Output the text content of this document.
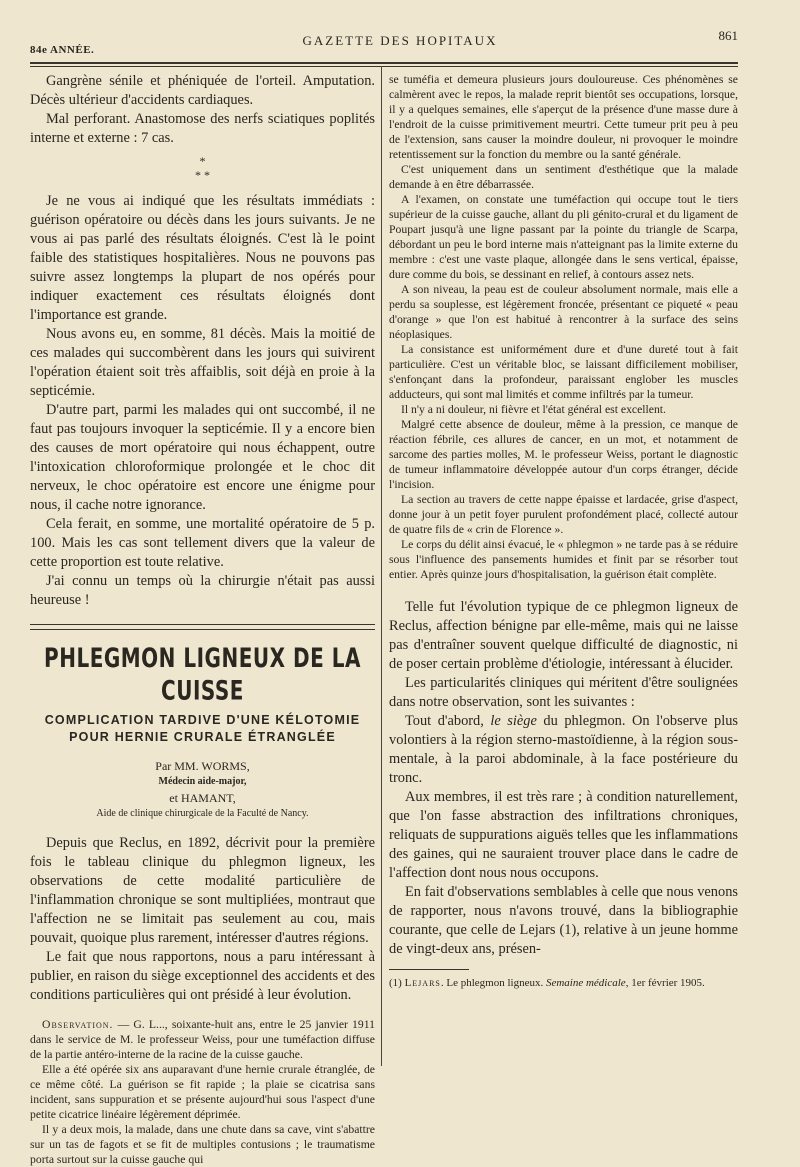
84e ANNÉE.
GAZETTE DES HOPITAUX	861

Gangrène sénile et phéniquée de l'orteil. Amputation. Décès ultérieur d'accidents cardiaques.

Mal perforant. Anastomose des nerfs sciatiques poplités interne et externe : 7 cas.

*
* *

Je ne vous ai indiqué que les résultats immédiats : guérison opératoire ou décès dans les jours suivants. Je ne vous ai pas parlé des résultats éloignés. C'est là le point faible des statistiques hospitalières. Nous ne pouvons pas suivre assez longtemps la plupart de nos opérés pour indiquer exactement ces résultats éloignés dont l'importance est grande.

Nous avons eu, en somme, 81 décès. Mais la moitié de ces malades qui succombèrent dans les jours qui suivirent l'opération étaient soit très affaiblis, soit déjà en proie à la septicémie.

D'autre part, parmi les malades qui ont succombé, il ne faut pas toujours invoquer la septicémie. Il y a encore bien des causes de mort opératoire qui nous échappent, outre l'intoxication chloroformique prolongée et le choc dit nerveux, le choc opératoire est encore une énigme pour nous, il cache notre ignorance.

Cela ferait, en somme, une mortalité opératoire de 5 p. 100. Mais les cas sont tellement divers que la valeur de cette proportion est toute relative.

J'ai connu un temps où la chirurgie n'était pas aussi heureuse !

PHLEGMON LIGNEUX DE LA CUISSE
COMPLICATION TARDIVE D'UNE KÉLOTOMIE
POUR HERNIE CRURALE ÉTRANGLÉE
Par MM. WORMS,
Médecin aide-major,
et HAMANT,
Aide de clinique chirurgicale de la Faculté de Nancy.

Depuis que Reclus, en 1892, décrivit pour la première fois le tableau clinique du phlegmon ligneux, les observations de cette modalité particulière de l'inflammation chronique se sont multipliées, montraut que l'affection ne se limitait pas seulement au cou, mais pouvait, quoique plus rarement, intéresser d'autres régions.

Le fait que nous rapportons, nous a paru intéressant à publier, en raison du siège exceptionnel des accidents et des conditions particulières qui ont présidé à leur évolution.

Observation. — G. L..., soixante-huit ans, entre le 25 janvier 1911 dans le service de M. le professeur Weiss, pour une tuméfaction diffuse de la partie antéro-interne de la racine de la cuisse gauche.

Elle a été opérée six ans auparavant d'une hernie crurale étranglée, de ce même côté. La guérison se fit rapide ; la plaie se cicatrisa sans incident, sans suppuration et se présente aujourd'hui sous l'aspect d'une petite cicatrice linéaire légèrement déprimée.

Il y a deux mois, la malade, dans une chute dans sa cave, vint s'abattre sur un tas de fagots et se fit de multiples contusions ; le traumatisme porta surtout sur la cuisse gauche qui

se tuméfia et demeura plusieurs jours douloureuse. Ces phénomènes se calmèrent avec le repos, la malade reprit bientôt ses occupations, lorsque, il y a quelques semaines, elle s'aperçut de la présence d'une masse dure à l'endroit de la cuisse primitivement meurtri. Cette tumeur prit peu à peu de l'extension, sans causer la moindre douleur, ni provoquer le moindre retentissement sur la fonction du membre ou la santé générale.

C'est uniquement dans un sentiment d'esthétique que la malade demande à en être débarrassée.

A l'examen, on constate une tuméfaction qui occupe tout le tiers supérieur de la cuisse gauche, allant du pli génito-crural et du ligament de Poupart jusqu'à une ligne passant par la pointe du triangle de Scarpa, débordant un peu le bord interne mais n'atteignant pas la limite externe du membre : c'est une vaste plaque, allongée dans le sens vertical, épaisse, dure comme du bois, se dessinant en relief, à contours assez nets.

A son niveau, la peau est de couleur absolument normale, mais elle a perdu sa souplesse, est légèrement froncée, présentant ce piqueté « peau d'orange » que l'on est habitué à rencontrer à la surface des seins néoplasiques.

La consistance est uniformément dure et d'une dureté tout à fait particulière. C'est un véritable bloc, se laissant difficilement mobiliser, s'enfonçant dans la profondeur, paraissant englober les muscles adducteurs, qui sont mal limités et comme infiltrés par la tumeur.

Il n'y a ni douleur, ni fièvre et l'état général est excellent.

Malgré cette absence de douleur, même à la pression, ce manque de réaction fébrile, ces allures de cancer, en un mot, et notamment de sarcome des parties molles, M. le professeur Weiss, portant le diagnostic de tumeur inflammatoire développée autour d'un corps étranger, décide l'incision.

La section au travers de cette nappe épaisse et lardacée, grise d'aspect, donne jour à un petit foyer purulent profondément placé, collecté autour de quatre fils de « crin de Florence ».

Le corps du délit ainsi évacué, le « phlegmon » ne tarde pas à se réduire sous l'influence des pansements humides et finit par se résorber tout entier. Après quinze jours d'hospitalisation, la guérison était complète.

Telle fut l'évolution typique de ce phlegmon ligneux de Reclus, affection bénigne par elle-même, mais qui ne laisse pas d'entraîner souvent quelque difficulté de diagnostic, ni de poser certain problème d'étiologie, intéressant à élucider.

Les particularités cliniques qui méritent d'être soulignées dans notre observation, sont les suivantes :

Tout d'abord, le siège du phlegmon. On l'observe plus volontiers à la région sterno-mastoïdienne, à la région sous-mentale, à la paroi abdominale, à la face postérieure du tronc.

Aux membres, il est très rare ; à condition naturellement, que l'on fasse abstraction des infiltrations chroniques, reliquats de suppurations aiguës telles que les inflammations des gaines, qui ne sauraient trouver place dans le cadre de l'affection dont nous nous occupons.

En fait d'observations semblables à celle que nous venons de rapporter, nous n'avons trouvé, dans la bibliographie courante, que celle de Lejars (1), relative à un jeune homme de vingt-deux ans, présen-

(1) Lejars. Le phlegmon ligneux. Semaine médicale, 1er février 1905.
